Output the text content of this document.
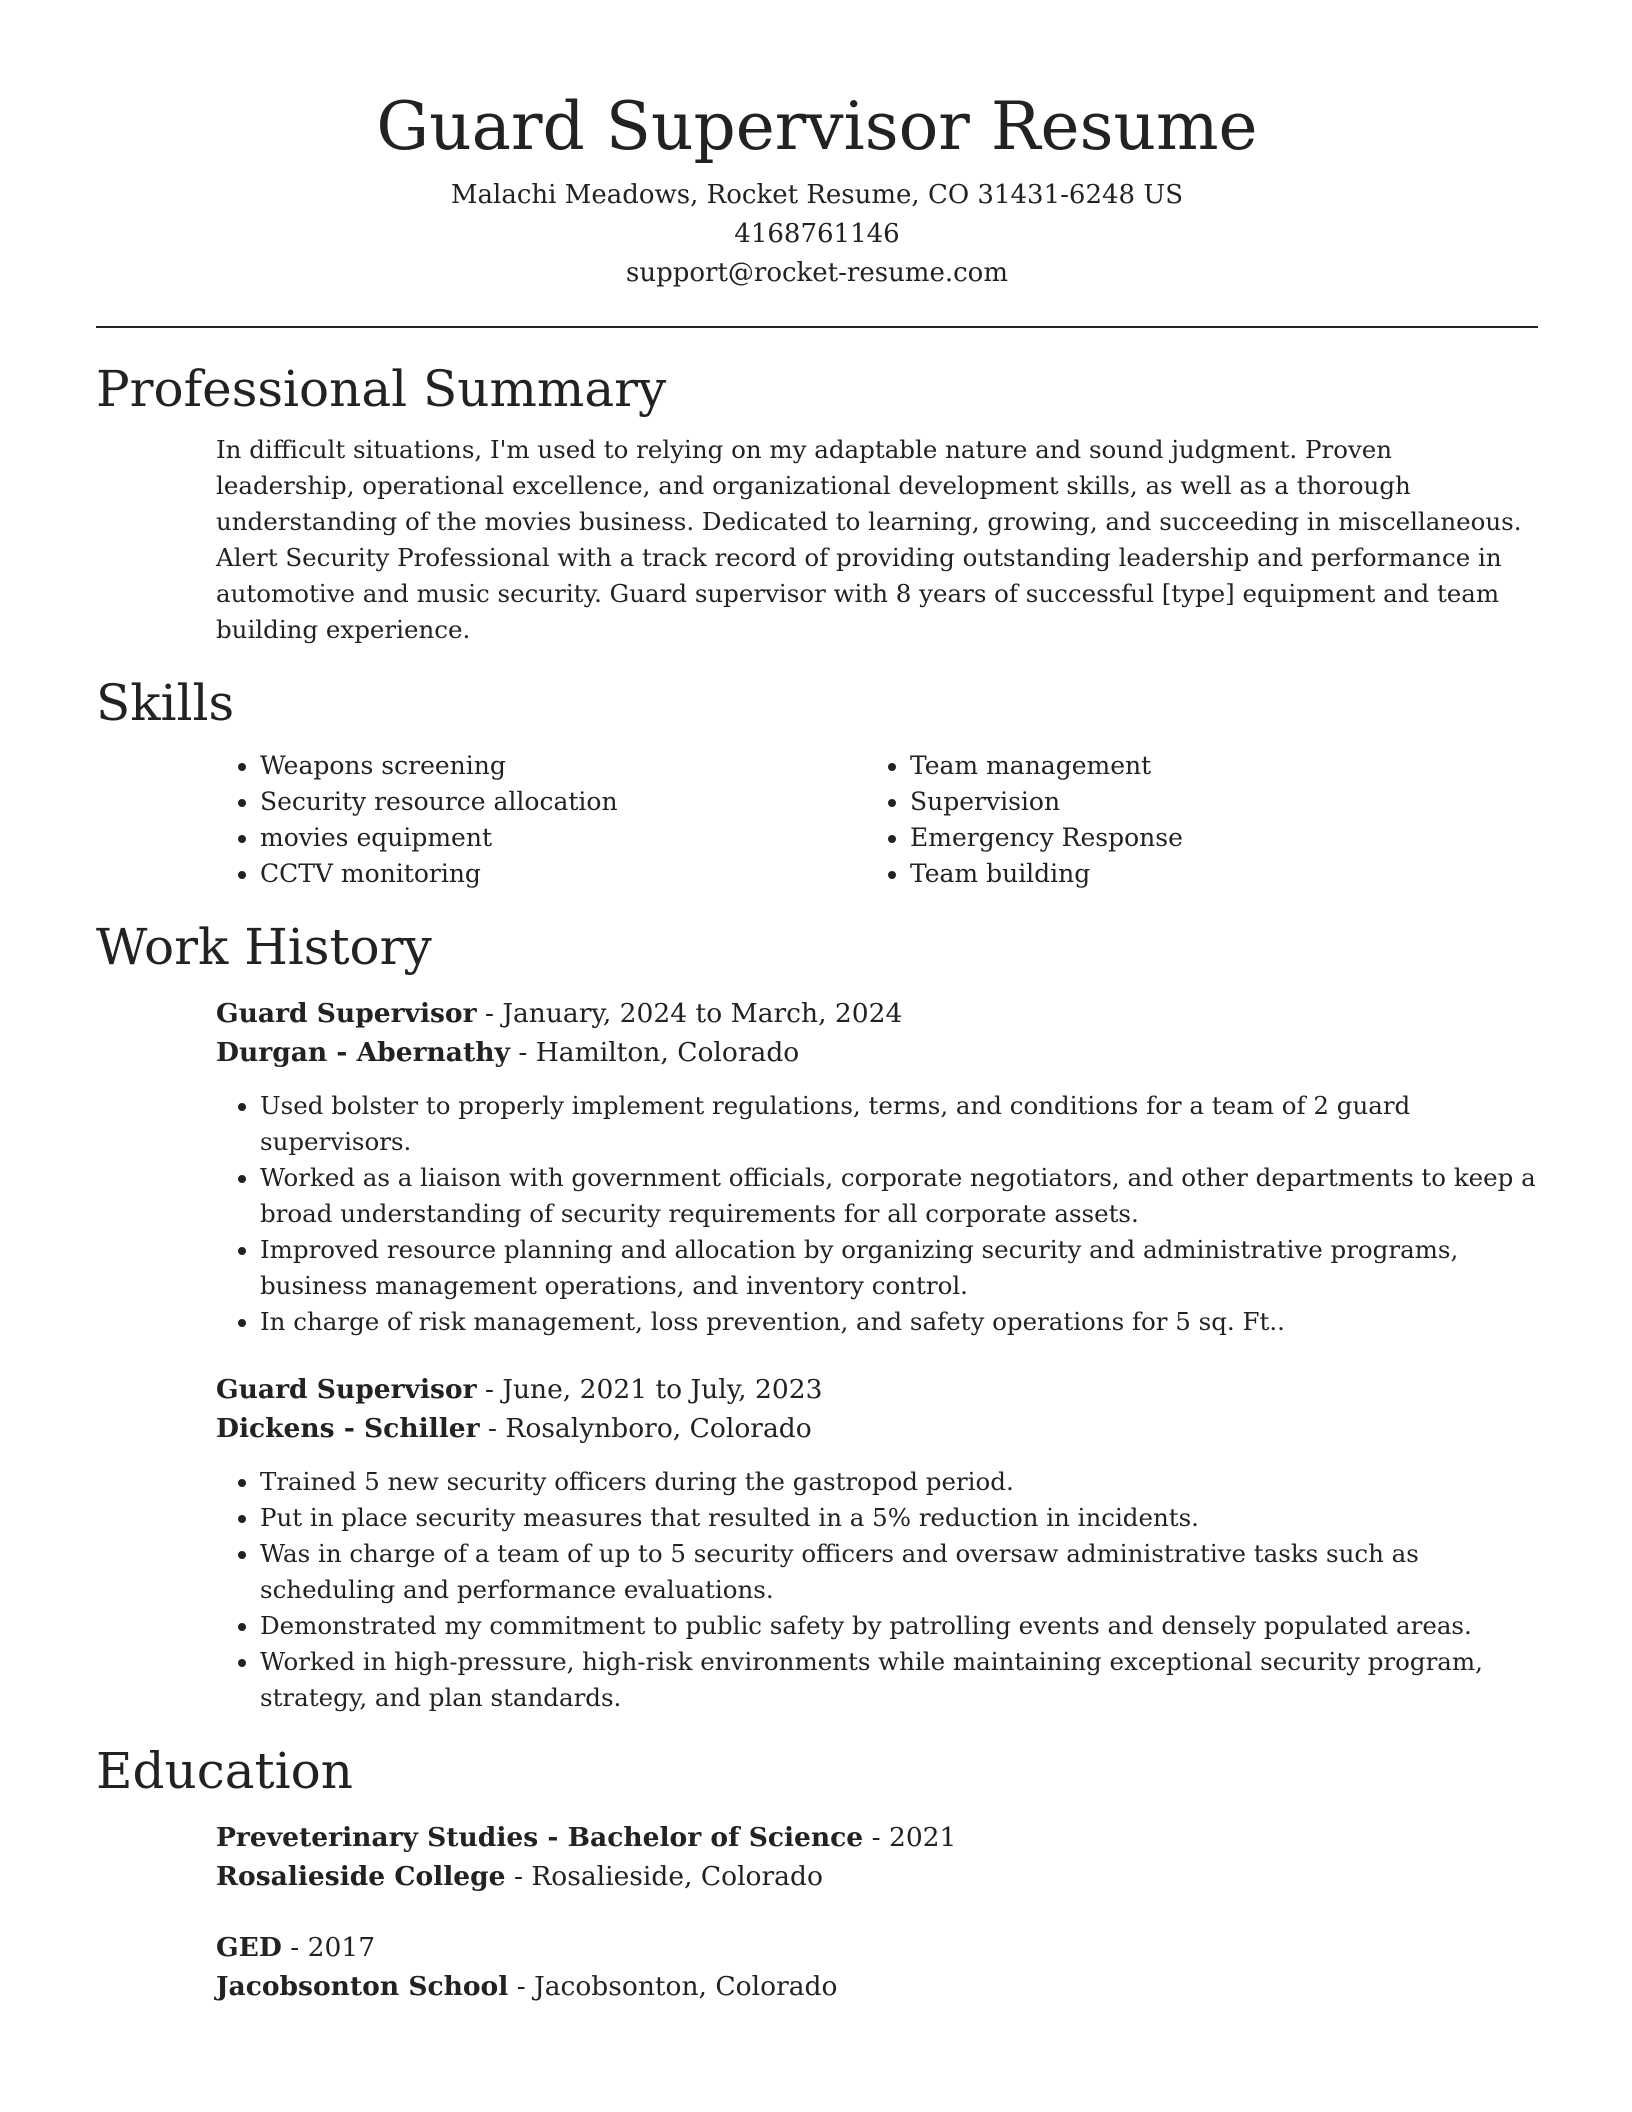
Guard Supervisor Resume
Malachi Meadows, Rocket Resume, CO 31431-6248 US
4168761146
support@rocket-resume.com
Professional Summary
In difficult situations, I'm used to relying on my adaptable nature and sound judgment. Proven leadership, operational excellence, and organizational development skills, as well as a thorough understanding of the movies business. Dedicated to learning, growing, and succeeding in miscellaneous. Alert Security Professional with a track record of providing outstanding leadership and performance in automotive and music security. Guard supervisor with 8 years of successful [type] equipment and team building experience.
Skills
• Weapons screening
• Security resource allocation
• movies equipment
• CCTV monitoring
• Team management
• Supervision
• Emergency Response
• Team building
Work History
Guard Supervisor - January, 2024 to March, 2024
Durgan - Abernathy - Hamilton, Colorado
• Used bolster to properly implement regulations, terms, and conditions for a team of 2 guard supervisors.
• Worked as a liaison with government officials, corporate negotiators, and other departments to keep a broad understanding of security requirements for all corporate assets.
• Improved resource planning and allocation by organizing security and administrative programs, business management operations, and inventory control.
• In charge of risk management, loss prevention, and safety operations for 5 sq. Ft..
Guard Supervisor - June, 2021 to July, 2023
Dickens - Schiller - Rosalynboro, Colorado
• Trained 5 new security officers during the gastropod period.
• Put in place security measures that resulted in a 5% reduction in incidents.
• Was in charge of a team of up to 5 security officers and oversaw administrative tasks such as scheduling and performance evaluations.
• Demonstrated my commitment to public safety by patrolling events and densely populated areas.
• Worked in high-pressure, high-risk environments while maintaining exceptional security program, strategy, and plan standards.
Education
Preveterinary Studies - Bachelor of Science - 2021
Rosalieside College - Rosalieside, Colorado
GED - 2017
Jacobsonton School - Jacobsonton, Colorado
